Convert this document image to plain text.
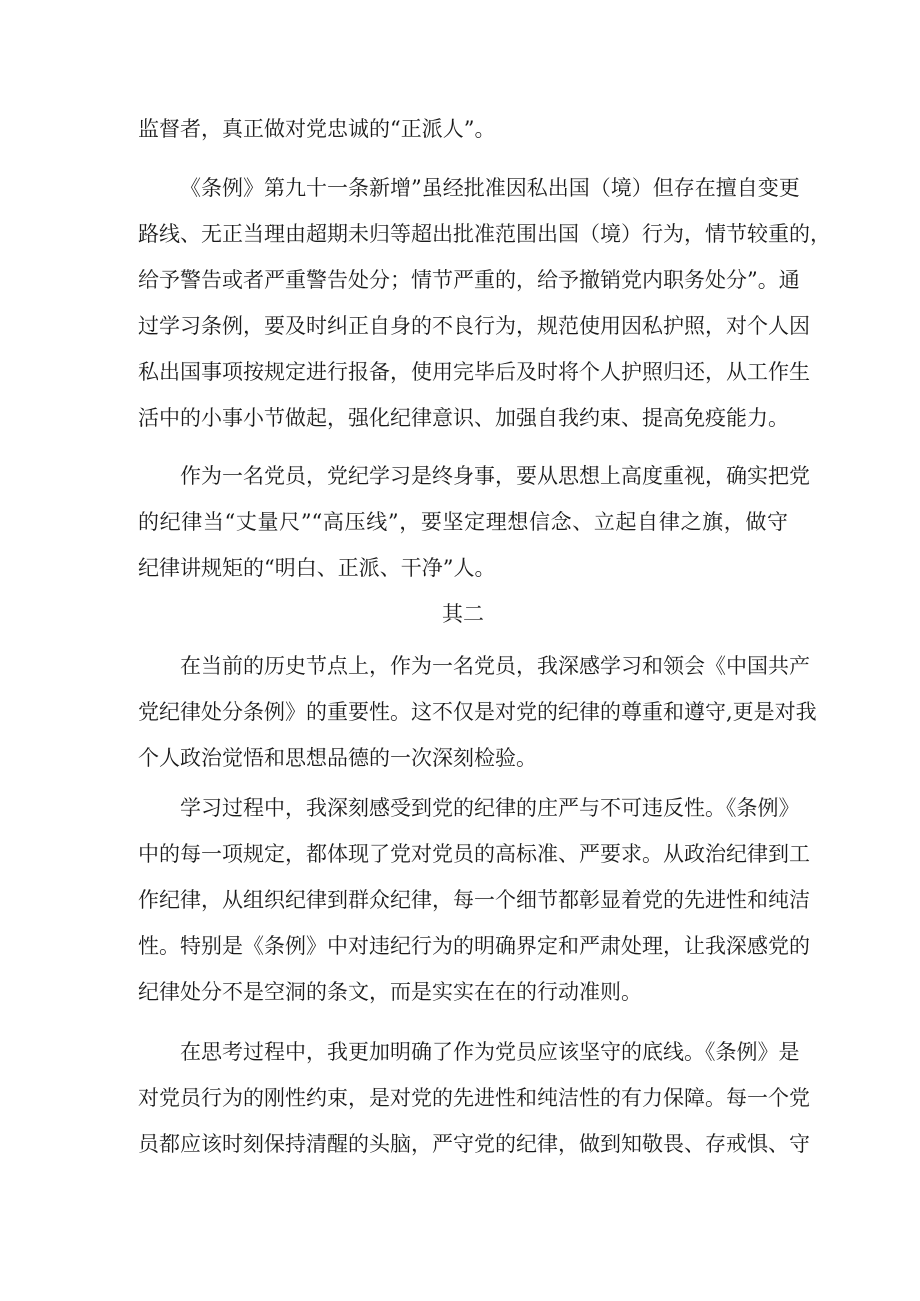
监督者，真正做对党忠诚的“正派人”。
《条例》第九十一条新增”虽经批准因私出国（境）但存在擅自变更
路线、无正当理由超期未归等超出批准范围出国（境）行为，情节较重的，
给予警告或者严重警告处分；情节严重的，给予撤销党内职务处分”。通
过学习条例，要及时纠正自身的不良行为，规范使用因私护照，对个人因
私出国事项按规定进行报备，使用完毕后及时将个人护照归还，从工作生
活中的小事小节做起，强化纪律意识、加强自我约束、提高免疫能力。
作为一名党员，党纪学习是终身事，要从思想上高度重视，确实把党
的纪律当“丈量尺”“高压线”，要坚定理想信念、立起自律之旗，做守
纪律讲规矩的“明白、正派、干净”人。
其二
在当前的历史节点上，作为一名党员，我深感学习和领会《中国共产
党纪律处分条例》的重要性。这不仅是对党的纪律的尊重和遵守,更是对我
个人政治觉悟和思想品德的一次深刻检验。
学习过程中，我深刻感受到党的纪律的庄严与不可违反性。《条例》
中的每一项规定，都体现了党对党员的高标准、严要求。从政治纪律到工
作纪律，从组织纪律到群众纪律，每一个细节都彰显着党的先进性和纯洁
性。特别是《条例》中对违纪行为的明确界定和严肃处理，让我深感党的
纪律处分不是空洞的条文，而是实实在在的行动准则。
在思考过程中，我更加明确了作为党员应该坚守的底线。《条例》是
对党员行为的刚性约束，是对党的先进性和纯洁性的有力保障。每一个党
员都应该时刻保持清醒的头脑，严守党的纪律，做到知敬畏、存戒惧、守
